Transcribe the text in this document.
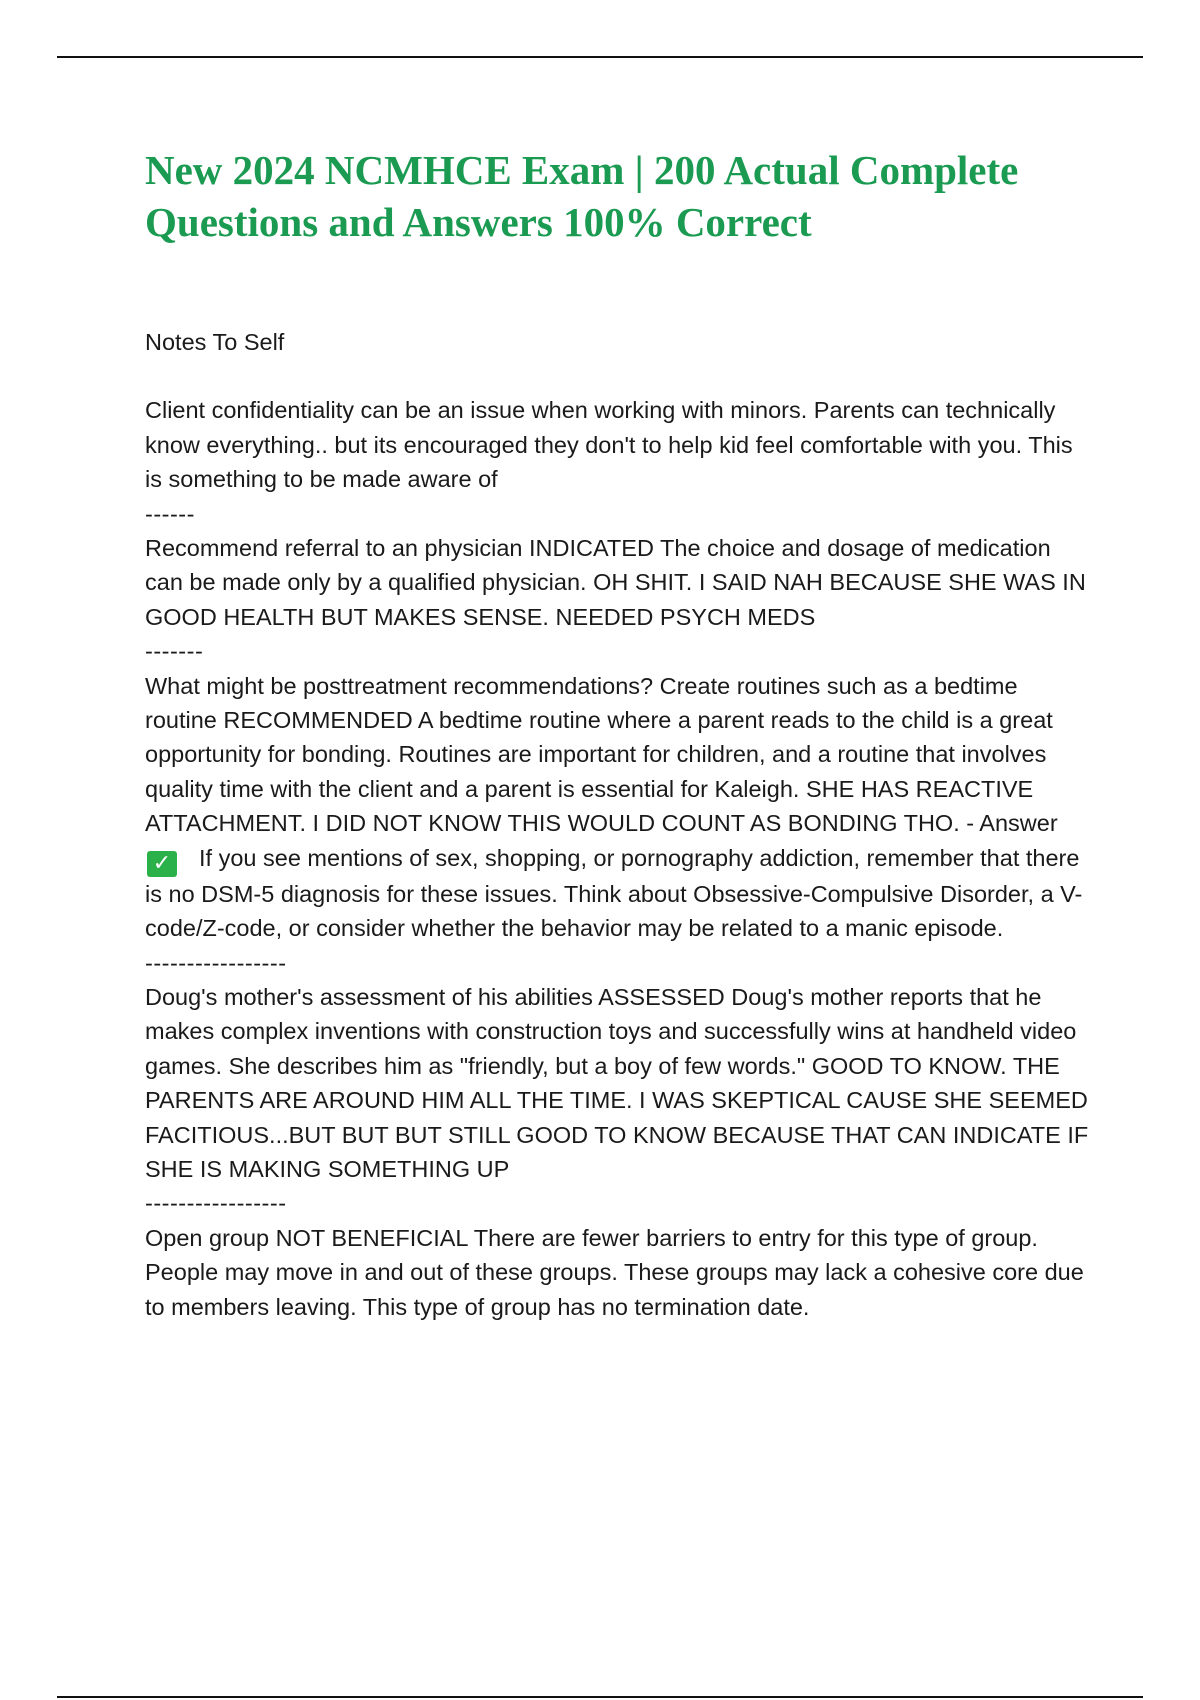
New 2024 NCMHCE Exam | 200 Actual Complete Questions and Answers 100% Correct

Notes To Self

Client confidentiality can be an issue when working with minors. Parents can technically know everything.. but its encouraged they don't to help kid feel comfortable with you. This is something to be made aware of

------

Recommend referral to an physician INDICATED The choice and dosage of medication can be made only by a qualified physician. OH SHIT. I SAID NAH BECAUSE SHE WAS IN GOOD HEALTH BUT MAKES SENSE. NEEDED PSYCH MEDS

-------

What might be posttreatment recommendations? Create routines such as a bedtime routine RECOMMENDED A bedtime routine where a parent reads to the child is a great opportunity for bonding. Routines are important for children, and a routine that involves quality time with the client and a parent is essential for Kaleigh. SHE HAS REACTIVE ATTACHMENT. I DID NOT KNOW THIS WOULD COUNT AS BONDING THO. - Answer✓ If you see mentions of sex, shopping, or pornography addiction, remember that there is no DSM-5 diagnosis for these issues. Think about Obsessive-Compulsive Disorder, a V-code/Z-code, or consider whether the behavior may be related to a manic episode.

-----------------

Doug's mother's assessment of his abilities ASSESSED Doug's mother reports that he makes complex inventions with construction toys and successfully wins at handheld video games. She describes him as "friendly, but a boy of few words." GOOD TO KNOW. THE PARENTS ARE AROUND HIM ALL THE TIME. I WAS SKEPTICAL CAUSE SHE SEEMED FACITIOUS...BUT BUT BUT STILL GOOD TO KNOW BECAUSE THAT CAN INDICATE IF SHE IS MAKING SOMETHING UP

-----------------

Open group NOT BENEFICIAL There are fewer barriers to entry for this type of group. People may move in and out of these groups. These groups may lack a cohesive core due to members leaving. This type of group has no termination date.
